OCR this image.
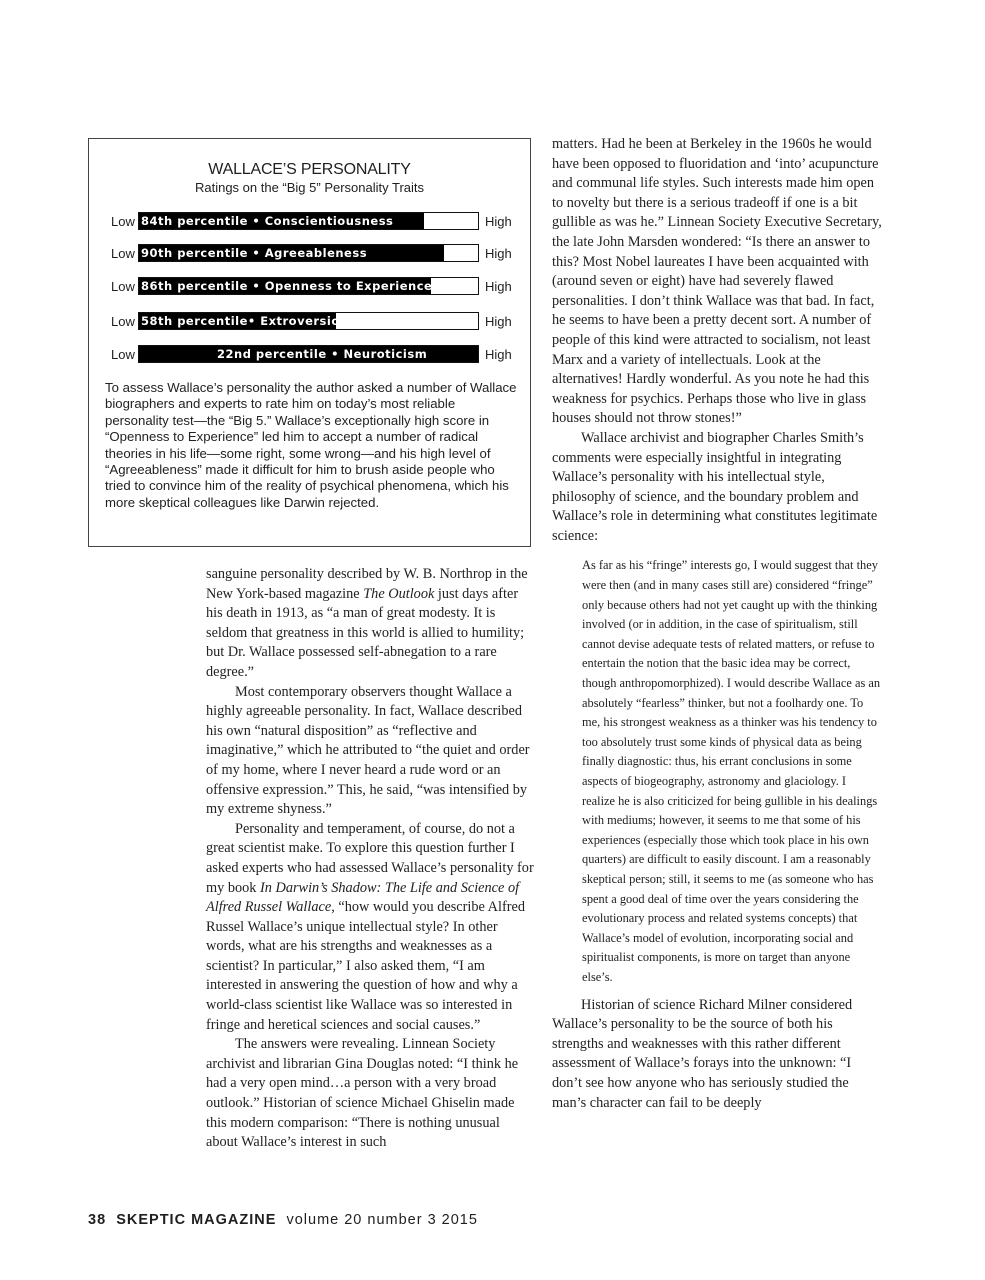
WALLACE’S PERSONALITY
Ratings on the “Big 5” Personality Traits
Low 84th percentile • Conscientiousness	High
Low 90th percentile • Agreeableness	High
Low 86th percentile • Openness to Experience	High
Low 58th percentile• Extroversion	High
Low	22nd percentile • Neuroticism	High
To assess Wallace’s personality the author asked a number of Wallace biographers and experts to rate him on today’s most reliable personality test—the “Big 5.” Wallace’s exceptionally high score in “Openness to Experience” led him to accept a number of radical theories in his life—some right, some wrong—and his high level of “Agreeableness” made it difficult for him to brush aside people who tried to convince him of the reality of psychical phenomena, which his more skeptical colleagues like Darwin rejected.

sanguine personality described by W. B. Northrop in the New York-based magazine The Outlook just days after his death in 1913, as “a man of great modesty. It is seldom that greatness in this world is allied to humility; but Dr. Wallace possessed self-abnegation to a rare degree.”

Most contemporary observers thought Wallace a highly agreeable personality. In fact, Wallace described his own “natural disposition” as “reflective and imaginative,” which he attributed to “the quiet and order of my home, where I never heard a rude word or an offensive expression.” This, he said, “was intensified by my extreme shyness.”

Personality and temperament, of course, do not a great scientist make. To explore this question further I asked experts who had assessed Wallace’s personality for my book In Darwin’s Shadow: The Life and Science of Alfred Russel Wallace, “how would you describe Alfred Russel Wallace’s unique intellectual style? In other words, what are his strengths and weaknesses as a scientist? In particular,” I also asked them, “I am interested in answering the question of how and why a world-class scientist like Wallace was so interested in fringe and heretical sciences and social causes.”

The answers were revealing. Linnean Society archivist and librarian Gina Douglas noted: “I think he had a very open mind…a person with a very broad outlook.” Historian of science Michael Ghiselin made this modern comparison: “There is nothing unusual about Wallace’s interest in such

matters. Had he been at Berkeley in the 1960s he would have been opposed to fluoridation and ‘into’ acupuncture and communal life styles. Such interests made him open to novelty but there is a serious tradeoff if one is a bit gullible as was he.” Linnean Society Executive Secretary, the late John Marsden wondered: “Is there an answer to this? Most Nobel laureates I have been acquainted with (around seven or eight) have had severely flawed personalities. I don’t think Wallace was that bad. In fact, he seems to have been a pretty decent sort. A number of people of this kind were attracted to socialism, not least Marx and a variety of intellectuals. Look at the alternatives! Hardly wonderful. As you note he had this weakness for psychics. Perhaps those who live in glass houses should not throw stones!”

Wallace archivist and biographer Charles Smith’s comments were especially insightful in integrating Wallace’s personality with his intellectual style, philosophy of science, and the boundary problem and Wallace’s role in determining what constitutes legitimate science:

As far as his “fringe” interests go, I would suggest that they were then (and in many cases still are) considered “fringe” only because others had not yet caught up with the thinking involved (or in addition, in the case of spiritualism, still cannot devise adequate tests of related matters, or refuse to entertain the notion that the basic idea may be correct, though anthropomorphized). I would describe Wallace as an absolutely “fearless” thinker, but not a foolhardy one. To me, his strongest weakness as a thinker was his tendency to too absolutely trust some kinds of physical data as being finally diagnostic: thus, his errant conclusions in some aspects of biogeography, astronomy and glaciology. I realize he is also criticized for being gullible in his dealings with mediums; however, it seems to me that some of his experiences (especially those which took place in his own quarters) are difficult to easily discount. I am a reasonably skeptical person; still, it seems to me (as someone who has spent a good deal of time over the years considering the evolutionary process and related systems concepts) that Wallace’s model of evolution, incorporating social and spiritualist components, is more on target than anyone else’s.

Historian of science Richard Milner considered Wallace’s personality to be the source of both his strengths and weaknesses with this rather different assessment of Wallace’s forays into the unknown: “I don’t see how anyone who has seriously studied the man’s character can fail to be deeply

38 SKEPTIC MAGAZINE volume 20 number 3 2015
